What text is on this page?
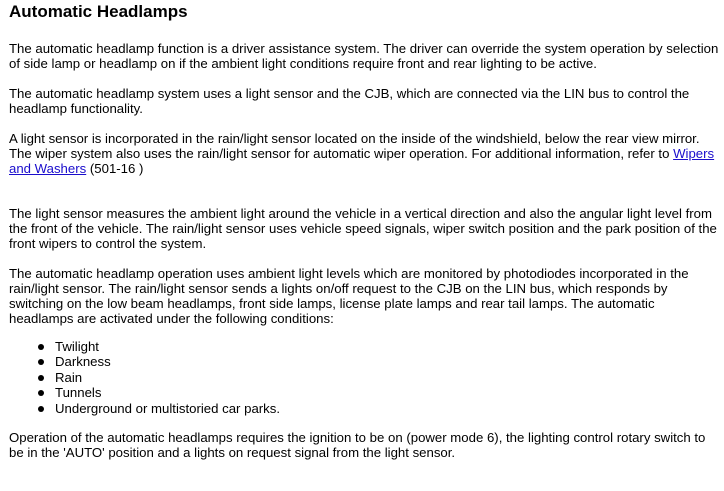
Automatic Headlamps

The automatic headlamp function is a driver assistance system. The driver can override the system operation by selection of side lamp or headlamp on if the ambient light conditions require front and rear lighting to be active.

The automatic headlamp system uses a light sensor and the CJB, which are connected via the LIN bus to control the headlamp functionality.

A light sensor is incorporated in the rain/light sensor located on the inside of the windshield, below the rear view mirror. The wiper system also uses the rain/light sensor for automatic wiper operation. For additional information, refer to Wipers and Washers (501-16 )

The light sensor measures the ambient light around the vehicle in a vertical direction and also the angular light level from the front of the vehicle. The rain/light sensor uses vehicle speed signals, wiper switch position and the park position of the front wipers to control the system.

The automatic headlamp operation uses ambient light levels which are monitored by photodiodes incorporated in the rain/light sensor. The rain/light sensor sends a lights on/off request to the CJB on the LIN bus, which responds by switching on the low beam headlamps, front side lamps, license plate lamps and rear tail lamps. The automatic headlamps are activated under the following conditions:

Twilight
Darkness
Rain
Tunnels
Underground or multistoried car parks.

Operation of the automatic headlamps requires the ignition to be on (power mode 6), the lighting control rotary switch to be in the 'AUTO' position and a lights on request signal from the light sensor.
